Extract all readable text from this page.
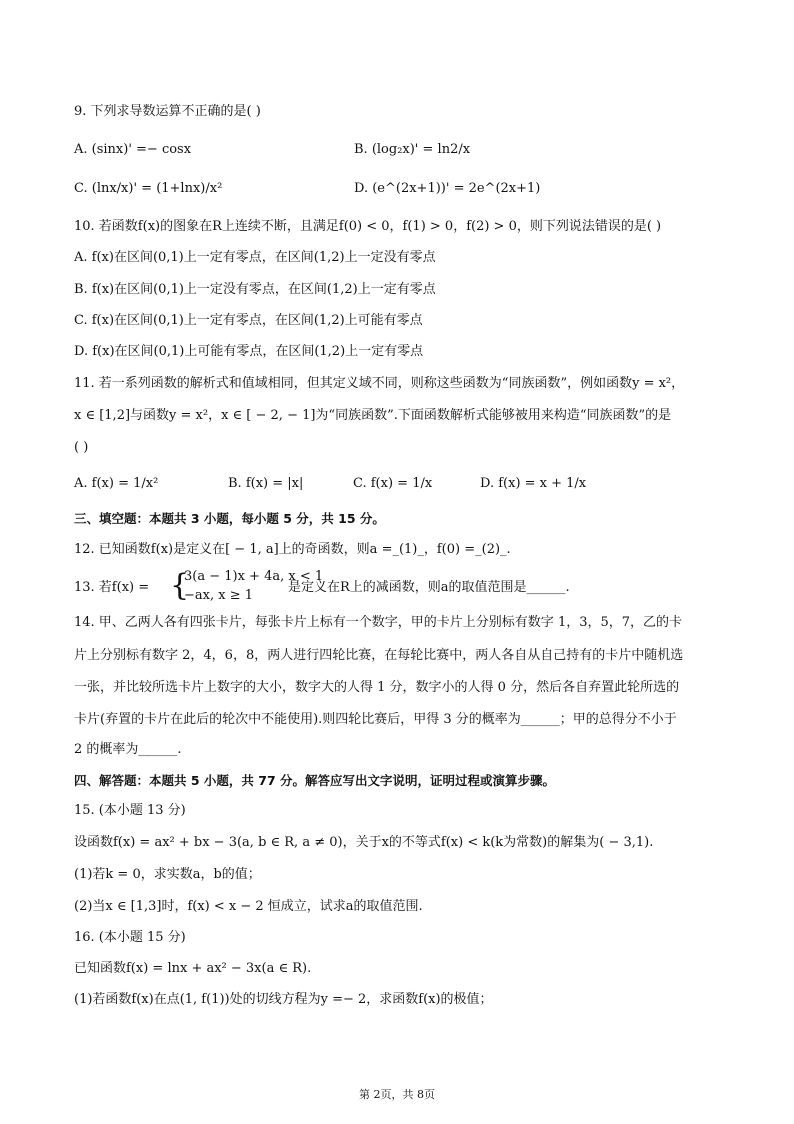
9. 下列求导数运算不正确的是( )
A. (sinx)' =− cosx	B. (log₂x)' = ln2/x
C. (lnx/x)' = (1+lnx)/x²	D. (e^(2x+1))' = 2e^(2x+1)
10. 若函数f(x)的图象在R上连续不断，且满足f(0) < 0，f(1) > 0，f(2) > 0，则下列说法错误的是( )
A. f(x)在区间(0,1)上一定有零点，在区间(1,2)上一定没有零点
B. f(x)在区间(0,1)上一定没有零点，在区间(1,2)上一定有零点
C. f(x)在区间(0,1)上一定有零点，在区间(1,2)上可能有零点
D. f(x)在区间(0,1)上可能有零点，在区间(1,2)上一定有零点
11. 若一系列函数的解析式和值域相同，但其定义域不同，则称这些函数为“同族函数”，例如函数y = x²，
x ∈ [1,2]与函数y = x²，x ∈ [ − 2, − 1]为“同族函数”.下面函数解析式能够被用来构造“同族函数”的是
( )
A. f(x) = 1/x²	B. f(x) = |x|	C. f(x) = 1/x	D. f(x) = x + 1/x
三、填空题：本题共 3 小题，每小题 5 分，共 15 分。
12. 已知函数f(x)是定义在[ − 1, a]上的奇函数，则a =_(1)_，f(0) =_(2)_.
13. 若f(x) = {
3(a − 1)x + 4a, x < 1
−ax, x ≥ 1
是定义在R上的减函数，则a的取值范围是______.
14. 甲、乙两人各有四张卡片，每张卡片上标有一个数字，甲的卡片上分别标有数字 1，3，5，7，乙的卡
片上分别标有数字 2，4，6，8，两人进行四轮比赛，在每轮比赛中，两人各自从自己持有的卡片中随机选
一张，并比较所选卡片上数字的大小，数字大的人得 1 分，数字小的人得 0 分，然后各自弃置此轮所选的
卡片(弃置的卡片在此后的轮次中不能使用).则四轮比赛后，甲得 3 分的概率为______；甲的总得分不小于
2 的概率为______.
四、解答题：本题共 5 小题，共 77 分。解答应写出文字说明，证明过程或演算步骤。
15. (本小题 13 分)
设函数f(x) = ax² + bx − 3(a, b ∈ R, a ≠ 0)，关于x的不等式f(x) < k(k为常数)的解集为( − 3,1).
(1)若k = 0，求实数a，b的值；
(2)当x ∈ [1,3]时，f(x) < x − 2 恒成立，试求a的取值范围.
16. (本小题 15 分)
已知函数f(x) = lnx + ax² − 3x(a ∈ R).
(1)若函数f(x)在点(1, f(1))处的切线方程为y =− 2，求函数f(x)的极值；
第 2页，共 8页
